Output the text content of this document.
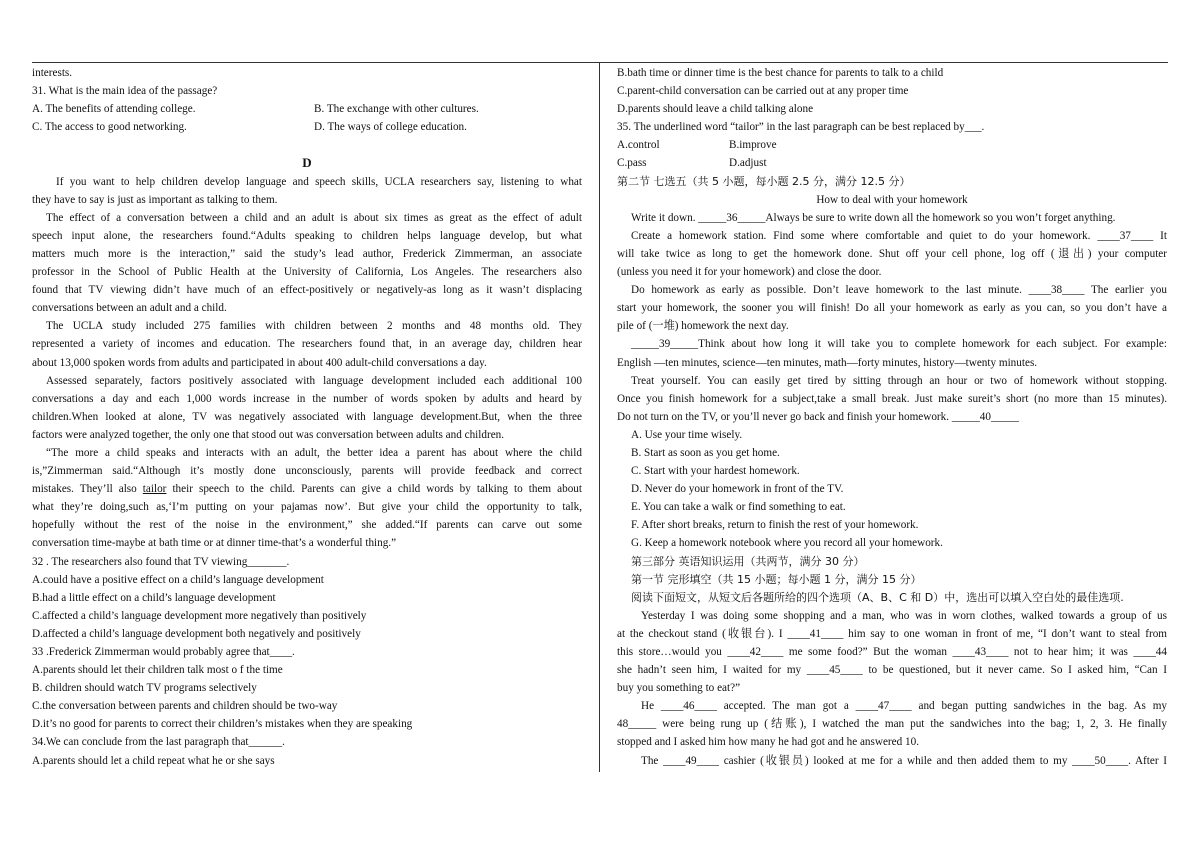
interests.
31. What is the main idea of the passage?
A. The benefits of attending college.	B. The exchange with other cultures.
C. The access to good networking.	D. The ways of college education.
D
If you want to help children develop language and speech skills, UCLA researchers say, listening to what
they have to say is just as important as talking to them.
The effect of a conversation between a child and an adult is about six times as great as the effect of adult
speech input alone, the researchers found.“Adults speaking to children helps language develop, but what
matters much more is the interaction,” said the study’s lead author, Frederick Zimmerman, an associate
professor in the School of Public Health at the University of California, Los Angeles. The researchers also
found that TV viewing didn’t have much of an effect-positively or negatively-as long as it wasn’t displacing
conversations between an adult and a child.
The UCLA study included 275 families with children between 2 months and 48 months old. They
represented a variety of incomes and education. The researchers found that, in an average day, children hear
about 13,000 spoken words from adults and participated in about 400 adult-child conversations a day.
Assessed separately, factors positively associated with language development included each additional 100
conversations a day and each 1,000 words increase in the number of words spoken by adults and heard by
children.When looked at alone, TV was negatively associated with language development.But, when the three
factors were analyzed together, the only one that stood out was conversation between adults and children.
“The more a child speaks and interacts with an adult, the better idea a parent has about where the child
is,”Zimmerman said.“Although it’s mostly done unconsciously, parents will provide feedback and correct
mistakes. They’ll also tailor their speech to the child. Parents can give a child words by talking to them about
what they’re doing,such as,‘I’m putting on your pajamas now’. But give your child the opportunity to talk,
hopefully without the rest of the noise in the environment,” she added.“If parents can carve out some
conversation time-maybe at bath time or at dinner time-that’s a wonderful thing.”
32 . The researchers also found that TV viewing_______.
A.could have a positive effect on a child’s language development
B.had a little effect on a child’s language development
C.affected a child’s language development more negatively than positively
D.affected a child’s language development both negatively and positively
33 .Frederick Zimmerman would probably agree that____.
A.parents should let their children talk most o f the time
B. children should watch TV programs selectively
C.the conversation between parents and children should be two-way
D.it’s no good for parents to correct their children’s mistakes when they are speaking
34.We can conclude from the last paragraph that______.
A.parents should let a child repeat what he or she says
B.bath time or dinner time is the best chance for parents to talk to a child
C.parent-child conversation can be carried out at any proper time
D.parents should leave a child talking alone
35. The underlined word “tailor” in the last paragraph can be best replaced by___.
A.control	B.improve
C.pass	D.adjust
第二节 七选五（共 5 小题，每小题 2.5 分，满分 12.5 分）
How to deal with your homework
Write it down. _____36_____Always be sure to write down all the homework so you won’t forget anything.
Create a homework station. Find some where comfortable and quiet to do your homework. ____37____ It
will take twice as long to get the homework done. Shut off your cell phone, log off (退出) your computer
(unless you need it for your homework) and close the door.
Do homework as early as possible. Don’t leave homework to the last minute. ____38____ The earlier you
start your homework, the sooner you will finish! Do all your homework as early as you can, so you don’t have a
pile of (一堆) homework the next day.
_____39_____Think about how long it will take you to complete homework for each subject. For example:
English —ten minutes, science—ten minutes, math—forty minutes, history—twenty minutes.
Treat yourself. You can easily get tired by sitting through an hour or two of homework without stopping.
Once you finish homework for a subject,take a small break. Just make sureit’s short (no more than 15 minutes).
Do not turn on the TV, or you’ll never go back and finish your homework. _____40_____
A. Use your time wisely.
B. Start as soon as you get home.
C. Start with your hardest homework.
D. Never do your homework in front of the TV.
E. You can take a walk or find something to eat.
F. After short breaks, return to finish the rest of your homework.
G. Keep a homework notebook where you record all your homework.
第三部分 英语知识运用（共两节，满分 30 分）
第一节 完形填空（共 15 小题；每小题 1 分，满分 15 分）
阅读下面短文，从短文后各题所给的四个选项（A、B、C 和 D）中，选出可以填入空白处的最佳选项.
Yesterday I was doing some shopping and a man, who was in worn clothes, walked towards a group of us
at the checkout stand (收银台). I ____41____ him say to one woman in front of me, “I don’t want to steal from
this store…would you ____42____ me some food?” But the woman ____43____ not to hear him; it was ____44
she hadn’t seen him, I waited for my ____45____ to be questioned, but it never came. So I asked him, “Can I
buy you something to eat?”
He ____46____ accepted. The man got a ____47____ and began putting sandwiches in the bag. As my
48_____ were being rung up (结账), I watched the man put the sandwiches into the bag; 1, 2, 3. He finally
stopped and I asked him how many he had got and he answered 10.
The ____49____ cashier (收银员) looked at me for a while and then added them to my ____50____. After I
